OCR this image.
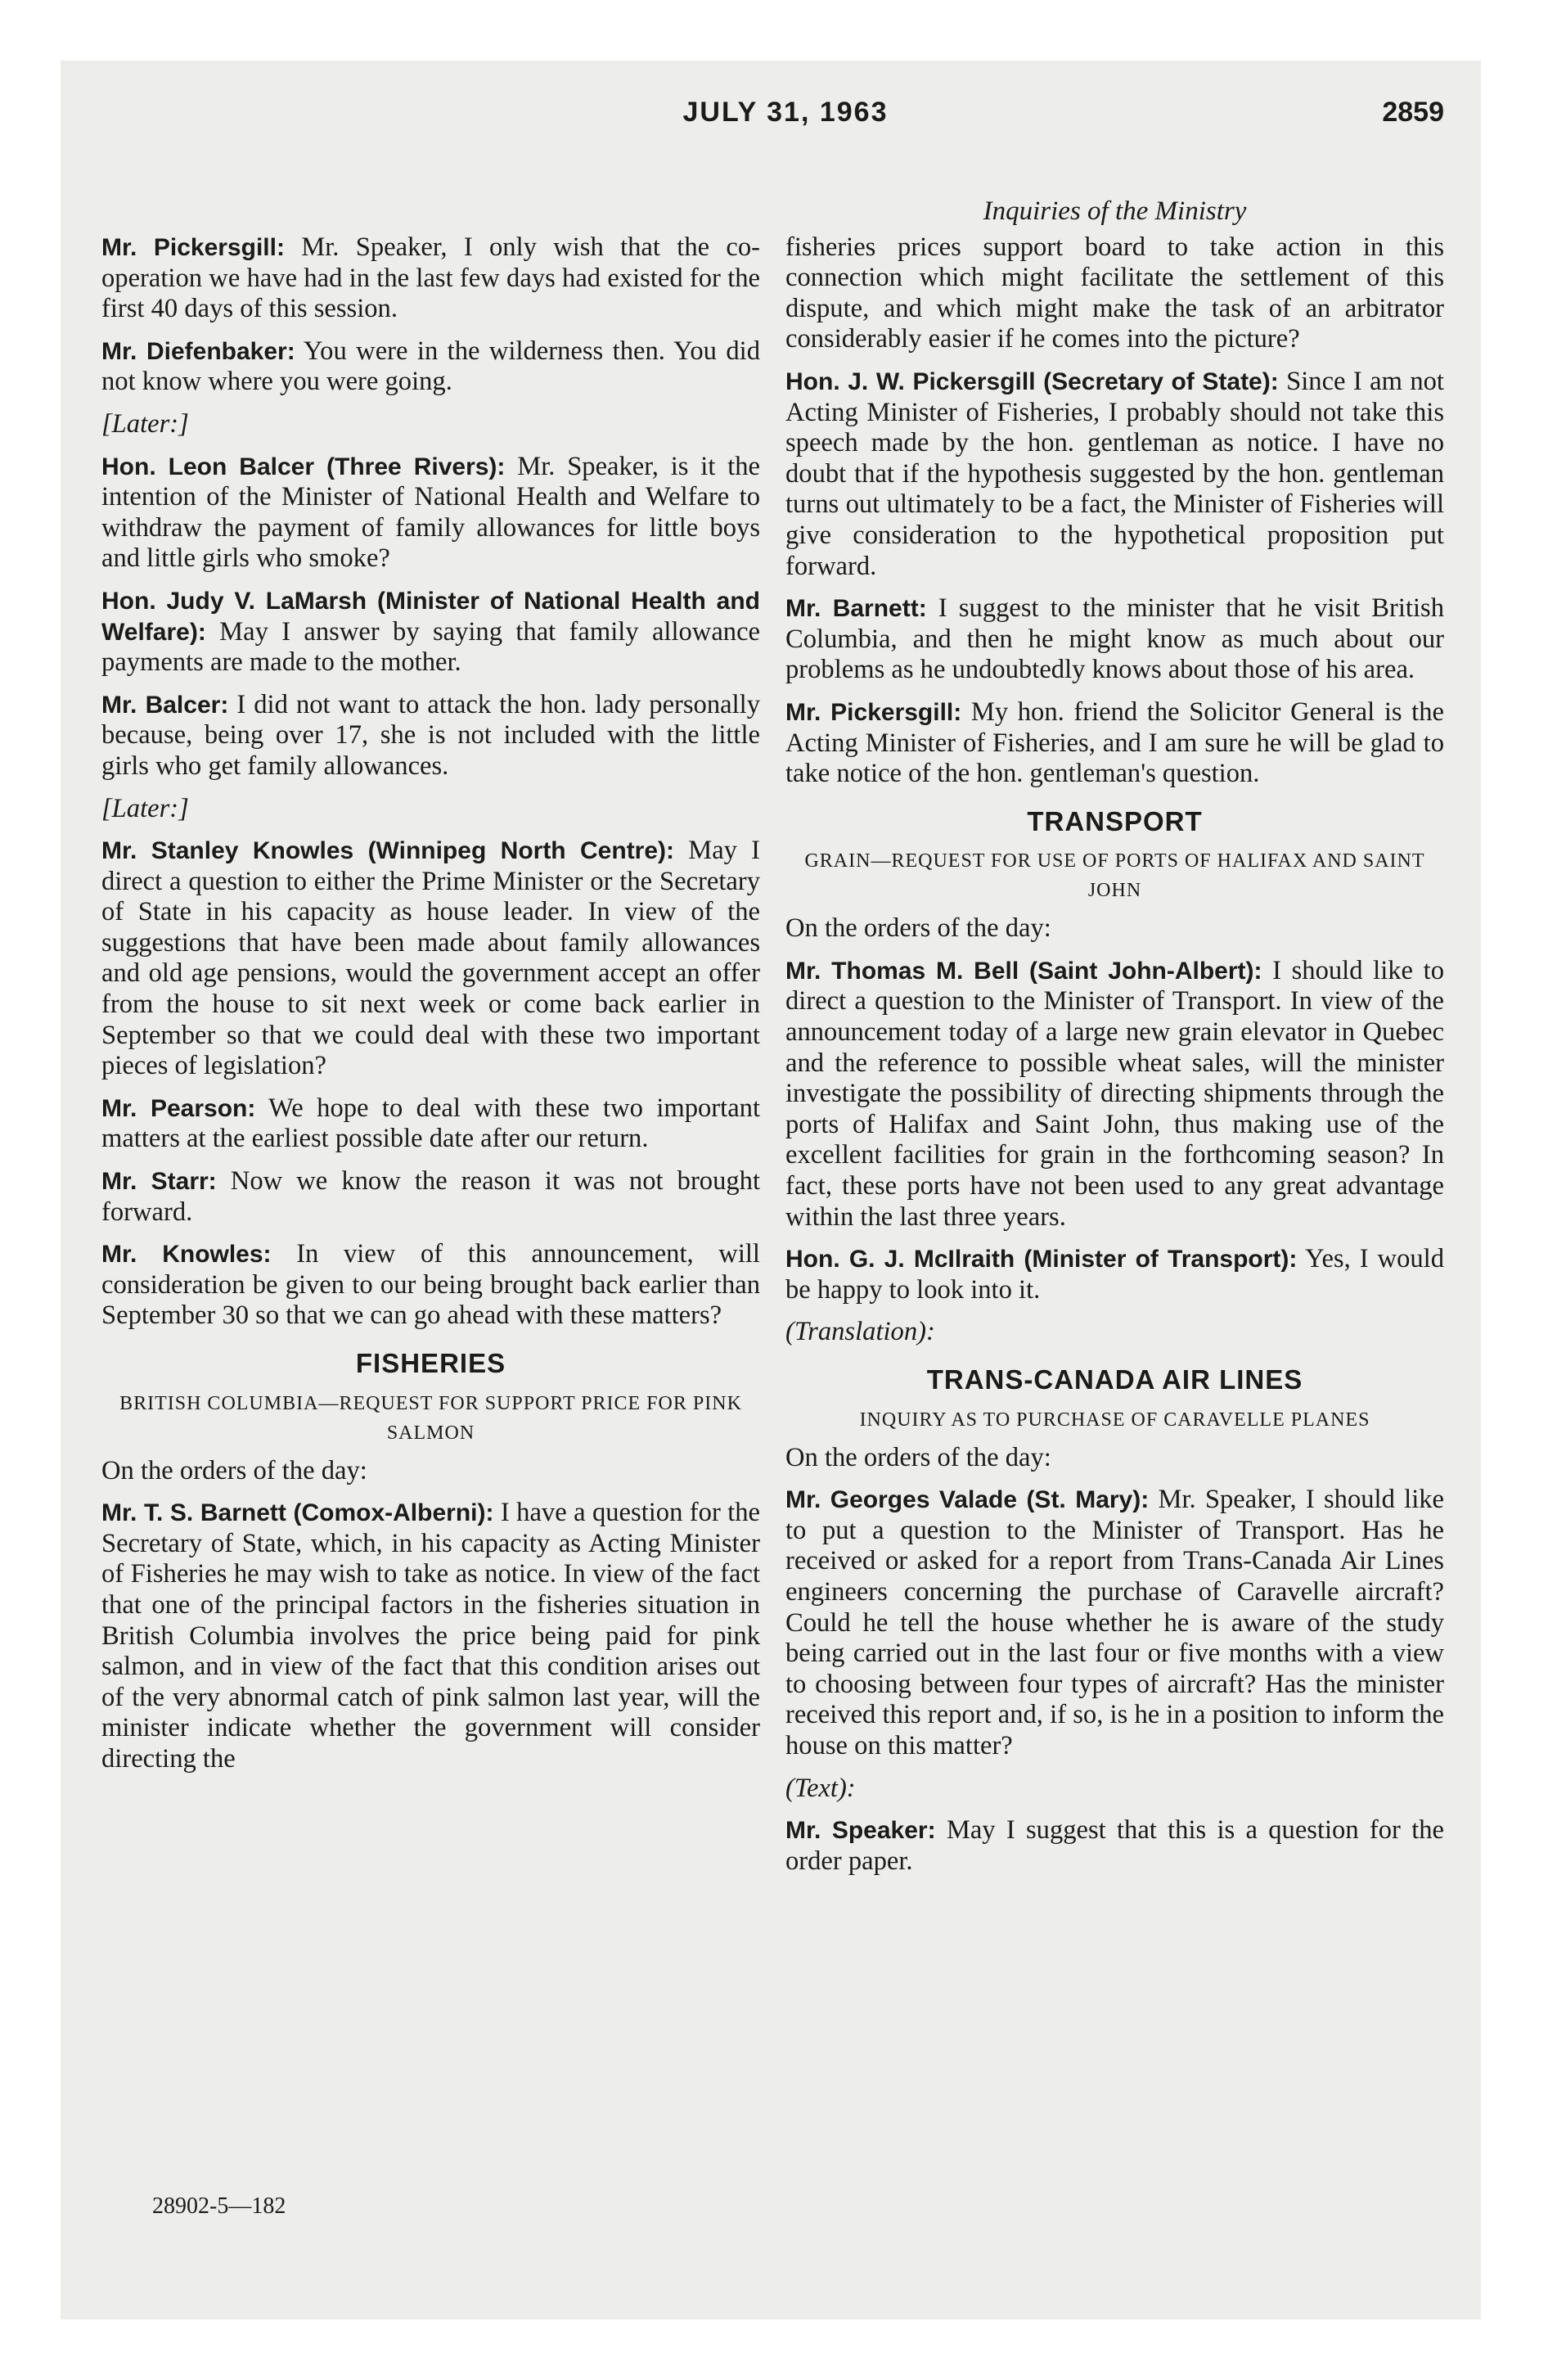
JULY 31, 1963	2859

Mr. Pickersgill: Mr. Speaker, I only wish that the co-operation we have had in the last few days had existed for the first 40 days of this session.

Mr. Diefenbaker: You were in the wilderness then. You did not know where you were going.

[Later:]

Hon. Leon Balcer (Three Rivers): Mr. Speaker, is it the intention of the Minister of National Health and Welfare to withdraw the payment of family allowances for little boys and little girls who smoke?

Hon. Judy V. LaMarsh (Minister of National Health and Welfare): May I answer by saying that family allowance payments are made to the mother.

Mr. Balcer: I did not want to attack the hon. lady personally because, being over 17, she is not included with the little girls who get family allowances.

[Later:]

Mr. Stanley Knowles (Winnipeg North Centre): May I direct a question to either the Prime Minister or the Secretary of State in his capacity as house leader. In view of the suggestions that have been made about family allowances and old age pensions, would the government accept an offer from the house to sit next week or come back earlier in September so that we could deal with these two important pieces of legislation?

Mr. Pearson: We hope to deal with these two important matters at the earliest possible date after our return.

Mr. Starr: Now we know the reason it was not brought forward.

Mr. Knowles: In view of this announcement, will consideration be given to our being brought back earlier than September 30 so that we can go ahead with these matters?

FISHERIES
BRITISH COLUMBIA—REQUEST FOR SUPPORT PRICE FOR PINK SALMON

On the orders of the day:

Mr. T. S. Barnett (Comox-Alberni): I have a question for the Secretary of State, which, in his capacity as Acting Minister of Fisheries he may wish to take as notice. In view of the fact that one of the principal factors in the fisheries situation in British Columbia involves the price being paid for pink salmon, and in view of the fact that this condition arises out of the very abnormal catch of pink salmon last year, will the minister indicate whether the government will consider directing the

28902-5—182
Inquiries of the Ministry

fisheries prices support board to take action in this connection which might facilitate the settlement of this dispute, and which might make the task of an arbitrator considerably easier if he comes into the picture?

Hon. J. W. Pickersgill (Secretary of State): Since I am not Acting Minister of Fisheries, I probably should not take this speech made by the hon. gentleman as notice. I have no doubt that if the hypothesis suggested by the hon. gentleman turns out ultimately to be a fact, the Minister of Fisheries will give consideration to the hypothetical proposition put forward.

Mr. Barnett: I suggest to the minister that he visit British Columbia, and then he might know as much about our problems as he undoubtedly knows about those of his area.

Mr. Pickersgill: My hon. friend the Solicitor General is the Acting Minister of Fisheries, and I am sure he will be glad to take notice of the hon. gentleman's question.

TRANSPORT
GRAIN—REQUEST FOR USE OF PORTS OF HALIFAX AND SAINT JOHN

On the orders of the day:

Mr. Thomas M. Bell (Saint John-Albert): I should like to direct a question to the Minister of Transport. In view of the announcement today of a large new grain elevator in Quebec and the reference to possible wheat sales, will the minister investigate the possibility of directing shipments through the ports of Halifax and Saint John, thus making use of the excellent facilities for grain in the forthcoming season? In fact, these ports have not been used to any great advantage within the last three years.

Hon. G. J. McIlraith (Minister of Transport): Yes, I would be happy to look into it.

(Translation):

TRANS-CANADA AIR LINES
INQUIRY AS TO PURCHASE OF CARAVELLE PLANES

On the orders of the day:

Mr. Georges Valade (St. Mary): Mr. Speaker, I should like to put a question to the Minister of Transport. Has he received or asked for a report from Trans-Canada Air Lines engineers concerning the purchase of Caravelle aircraft? Could he tell the house whether he is aware of the study being carried out in the last four or five months with a view to choosing between four types of aircraft? Has the minister received this report and, if so, is he in a position to inform the house on this matter?

(Text):

Mr. Speaker: May I suggest that this is a question for the order paper.
